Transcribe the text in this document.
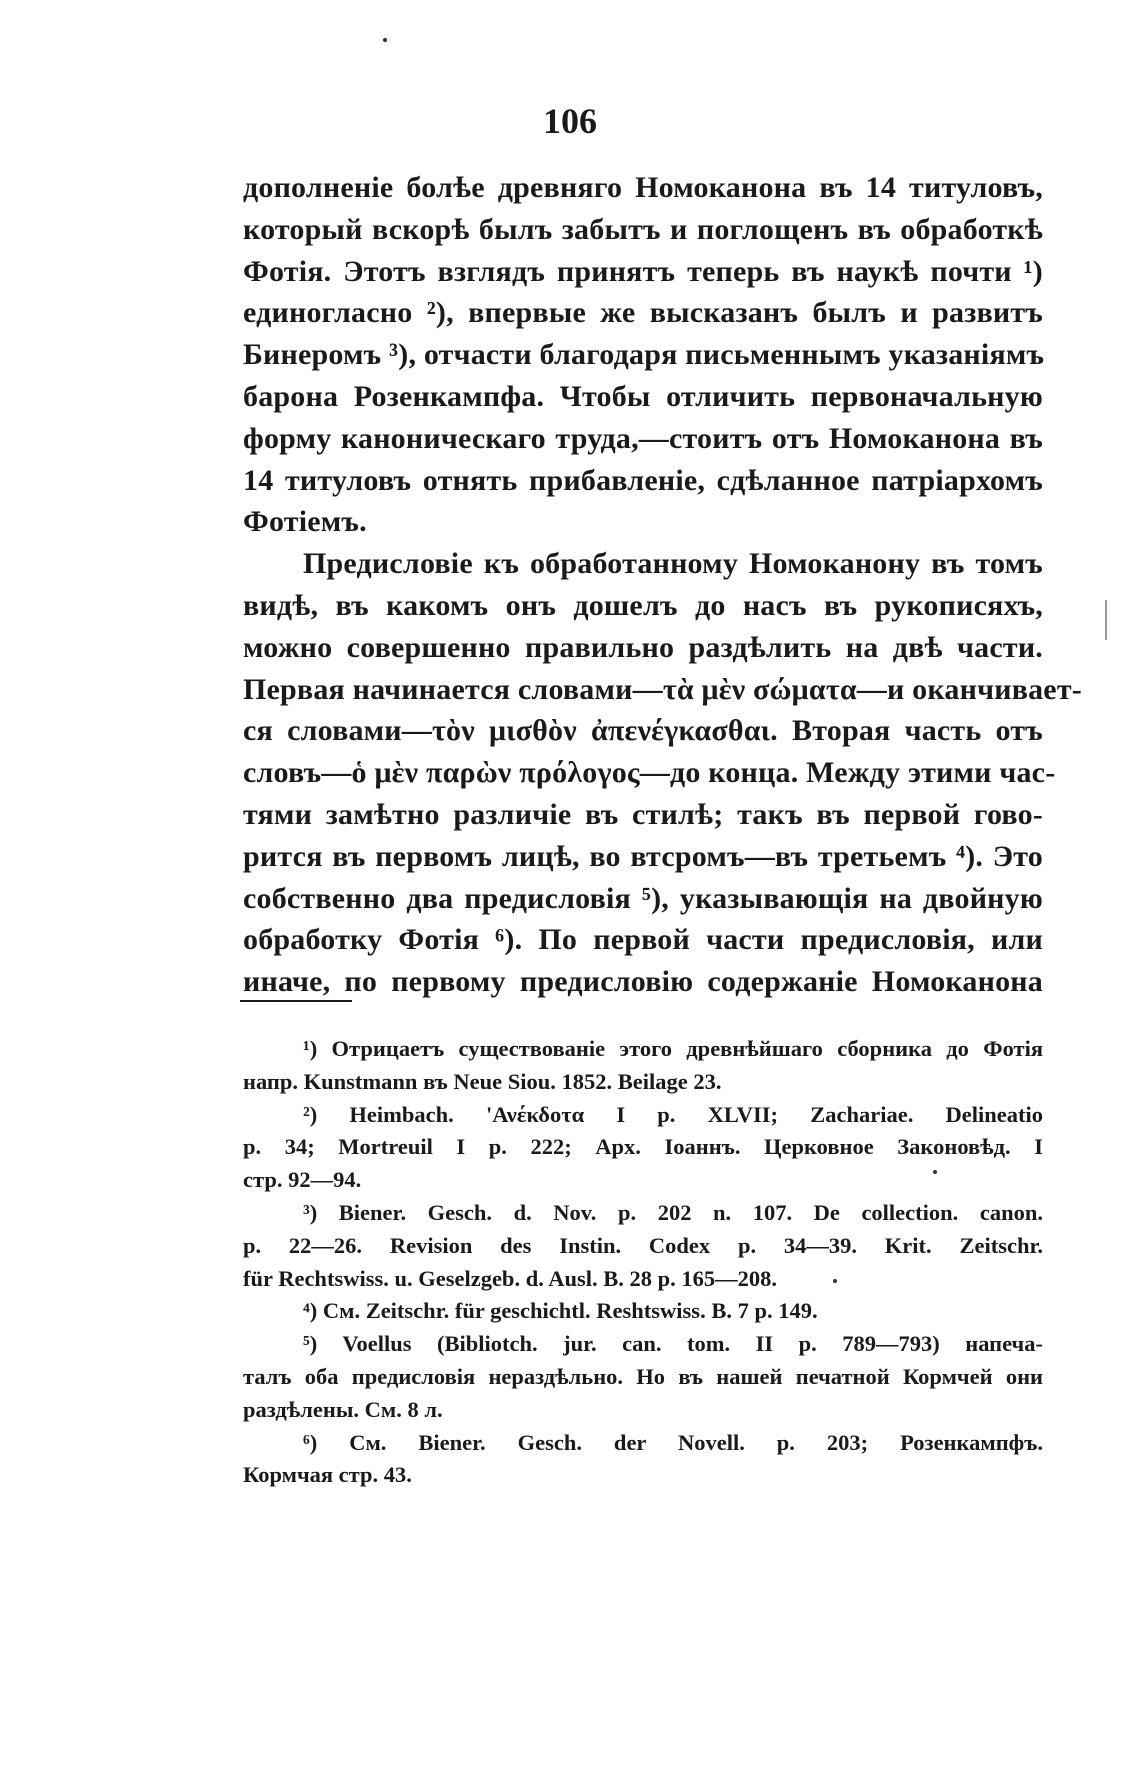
106
дополненіе болѣе древняго Номоканона въ 14 титуловъ,
который вскорѣ былъ забытъ и поглощенъ въ обработкѣ
Фотія. Этотъ взглядъ принятъ теперь въ наукѣ почти ¹)
единогласно ²), впервые же высказанъ былъ и развитъ
Бинеромъ ³), отчасти благодаря письменнымъ указаніямъ
барона Розенкампфа. Чтобы отличить первоначальную
форму каноническаго труда,—стоитъ отъ Номоканона въ
14 титуловъ отнять прибавленіе, сдѣланное патріархомъ
Фотіемъ.
Предисловіе къ обработанному Номоканону въ томъ
видѣ, въ какомъ онъ дошелъ до насъ въ рукописяхъ,
можно совершенно правильно раздѣлить на двѣ части.
Первая начинается словами—τὰ μὲν σώματα—и оканчивает-
ся словами—τὸν μισθὸν ἀπενέγκασθαι. Вторая часть отъ
словъ—ὁ μὲν παρὼν πρόλογος—до конца. Между этими час-
тями замѣтно различіе въ стилѣ; такъ въ первой гово-
рится въ первомъ лицѣ, во втсромъ—въ третьемъ ⁴). Это
собственно два предисловія ⁵), указывающія на двойную
обработку Фотія ⁶). По первой части предисловія, или
иначе, по первому предисловію содержаніе Номоканона
¹) Отрицаетъ существованіе этого древнѣйшаго сборника до Фотія
напр. Kunstmann въ Neue Siou. 1852. Beilage 23.
²) Heimbach. 'Ανέκδοτα I p. XLVII; Zachariae. Delineatio
p. 34; Mortreuil I p. 222; Арх. Іоаннъ. Церковное Законовѣд. I
стр. 92—94.
³) Biener. Gesch. d. Nov. p. 202 n. 107. De collection. canon.
p. 22—26. Revision des Instin. Codex p. 34—39. Krit. Zeitschr.
für Rechtswiss. u. Geselzgeb. d. Ausl. B. 28 p. 165—208.
⁴) См. Zeitschr. für geschichtl. Reshtswiss. B. 7 p. 149.
⁵) Voellus (Bibliotch. jur. can. tom. II p. 789—793) напеча-
талъ оба предисловія нераздѣльно. Но въ нашей печатной Кормчей они
раздѣлены. См. 8 л.
⁶) См. Biener. Gesch. der Novell. p. 203; Розенкампфъ.
Кормчая стр. 43.
